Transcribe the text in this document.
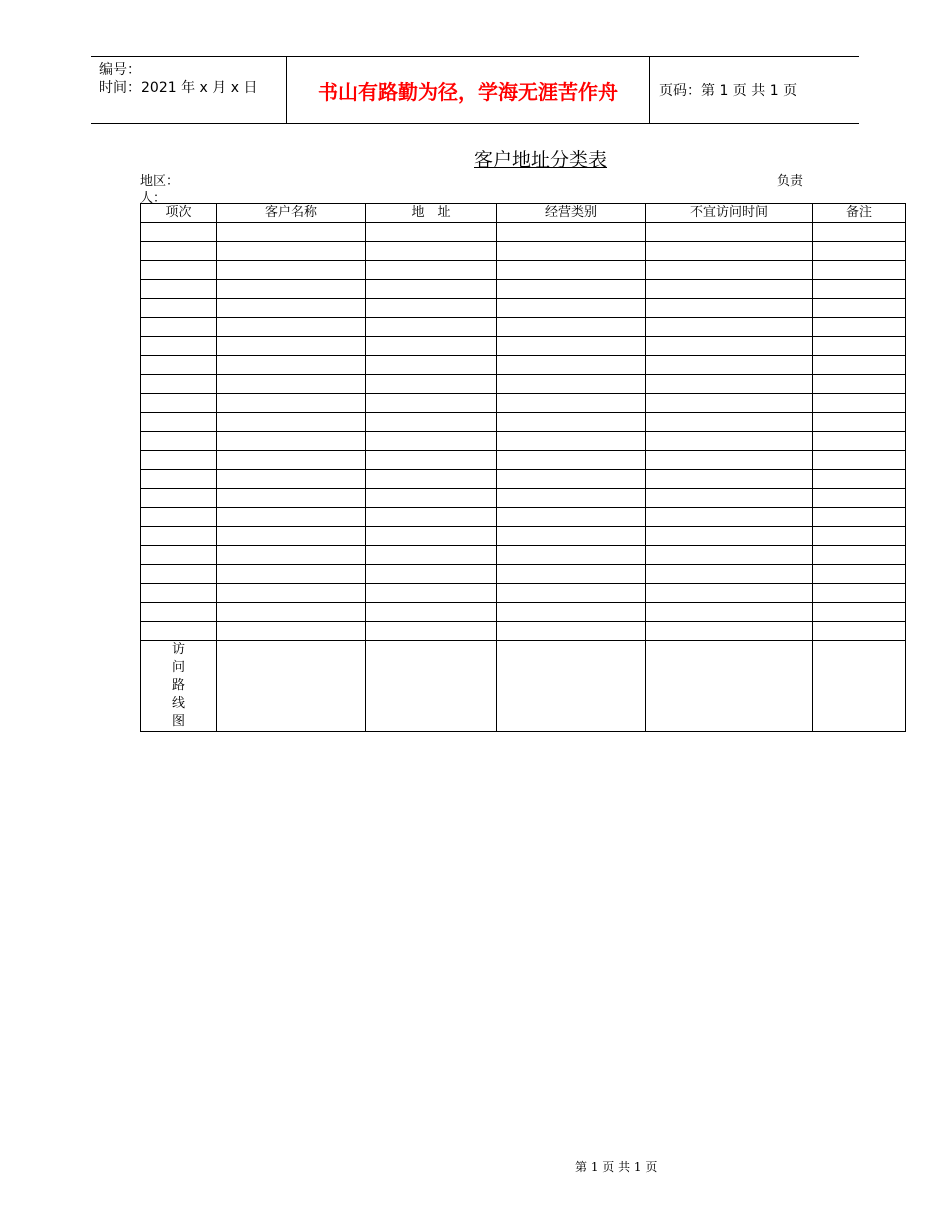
编号：
时间：2021 年 x 月 x 日	书山有路勤为径，学海无涯苦作舟	页码：第 1 页 共 1 页
客户地址分类表
地区：	负责
人：
项次	客户名称	地　址	经营类别	不宜访问时间	备注

访
问
路
线
图					

第 1 页 共 1 页
